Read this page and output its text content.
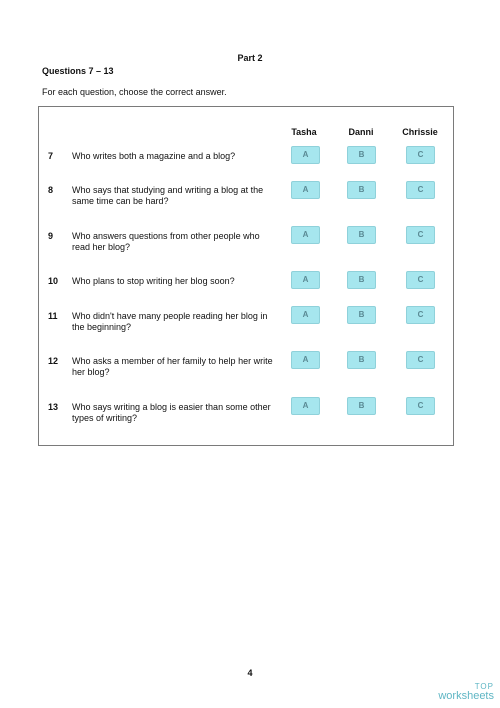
Part 2
Questions 7 – 13
For each question, choose the correct answer.
Tasha	Danni	Chrissie
7 Who writes both a magazine and a blog?	A	B	C
8 Who says that studying and writing a blog at the same time can be hard?
A	B	C
9 Who answers questions from other people who read her blog?
A	B	C
10 Who plans to stop writing her blog soon?	A	B	C
11 Who didn't have many people reading her blog in the beginning?
A	B	C
12 Who asks a member of her family to help her write her blog?
A	B	C
13 Who says writing a blog is easier than some other types of writing?
A	B	C
4
TOP
worksheets
